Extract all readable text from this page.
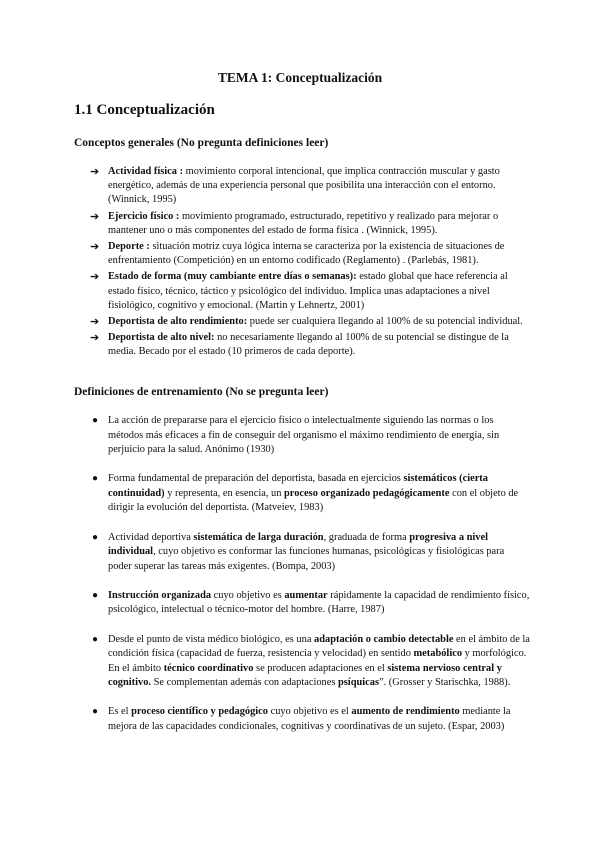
TEMA 1: Conceptualización
1.1 Conceptualización
Conceptos generales (No pregunta definiciones leer)
➔ Actividad física : movimiento corporal intencional, que implica contracción muscular y gasto energético, además de una experiencia personal que posibilita una interacción con el entorno. (Winnick, 1995)
➔ Ejercicio físico : movimiento programado, estructurado, repetitivo y realizado para mejorar o mantener uno o más componentes del estado de forma física . (Winnick, 1995).
➔ Deporte : situación motriz cuya lógica interna se caracteriza por la existencia de situaciones de enfrentamiento (Competición) en un entorno codificado (Reglamento) . (Parlebás, 1981).
➔ Estado de forma (muy cambiante entre días o semanas): estado global que hace referencia al estado físico, técnico, táctico y psicológico del individuo. Implica unas adaptaciones a nivel fisiológico, cognitivo y emocional. (Martin y Lehnertz, 2001)
➔ Deportista de alto rendimiento: puede ser cualquiera llegando al 100% de su potencial individual.
➔ Deportista de alto nivel: no necesariamente llegando al 100% de su potencial se distingue de la media. Becado por el estado (10 primeros de cada deporte).
Definiciones de entrenamiento (No se pregunta leer)
● La acción de prepararse para el ejercicio físico o intelectualmente siguiendo las normas o los métodos más eficaces a fin de conseguir del organismo el máximo rendimiento de energía, sin perjuicio para la salud. Anónimo (1930)
● Forma fundamental de preparación del deportista, basada en ejercicios sistemáticos (cierta continuidad) y representa, en esencia, un proceso organizado pedagógicamente con el objeto de dirigir la evolución del deportista. (Matveiev, 1983)
● Actividad deportiva sistemática de larga duración, graduada de forma progresiva a nivel individual, cuyo objetivo es conformar las funciones humanas, psicológicas y fisiológicas para poder superar las tareas más exigentes. (Bompa, 2003)
● Instrucción organizada cuyo objetivo es aumentar rápidamente la capacidad de rendimiento físico, psicológico, intelectual o técnico-motor del hombre. (Harre, 1987)
● Desde el punto de vista médico biológico, es una adaptación o cambio detectable en el ámbito de la condición física (capacidad de fuerza, resistencia y velocidad) en sentido metabólico y morfológico. En el ámbito técnico coordinativo se producen adaptaciones en el sistema nervioso central y cognitivo. Se complementan además con adaptaciones psíquicas”. (Grosser y Starischka, 1988).
● Es el proceso científico y pedagógico cuyo objetivo es el aumento de rendimiento mediante la mejora de las capacidades condicionales, cognitivas y coordinativas de un sujeto. (Espar, 2003)
